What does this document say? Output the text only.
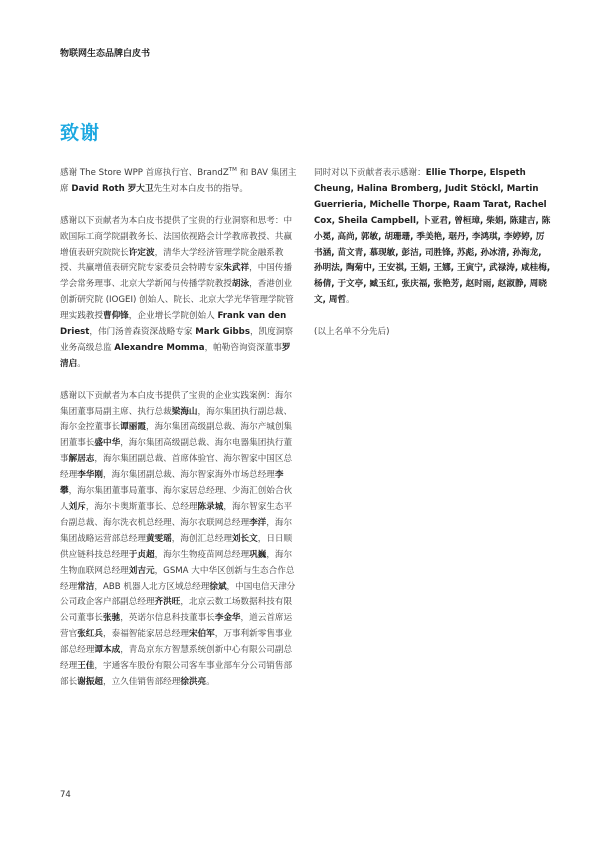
物联网生态品牌白皮书
致谢

感谢 The Store WPP 首席执行官、BrandZ™ 和 BAV 集团主席 David Roth 罗大卫先生对本白皮书的指导。

感谢以下贡献者为本白皮书提供了宝贵的行业洞察和思考：中欧国际工商学院副教务长、法国依视路会计学教席教授、共赢增值表研究院院长许定波，清华大学经济管理学院金融系教授、共赢增值表研究院专家委员会特聘专家朱武祥，中国传播学会常务理事、北京大学新闻与传播学院教授胡泳，香港创业创新研究院 (IOGEI) 创始人、院长、北京大学光华管理学院管理实践教授曹仰锋，企业增长学院创始人 Frank van den Driest，伟门汤普森资深战略专家 Mark Gibbs，凯度洞察业务高级总监 Alexandre Momma，帕勒咨询资深董事罗清启。

感谢以下贡献者为本白皮书提供了宝贵的企业实践案例：海尔集团董事局副主席、执行总裁梁海山，海尔集团执行副总裁、海尔金控董事长谭丽霞，海尔集团高级副总裁、海尔产城创集团董事长盛中华，海尔集团高级副总裁、海尔电器集团执行董事解居志，海尔集团副总裁、首席体验官、海尔智家中国区总经理李华刚，海尔集团副总裁、海尔智家海外市场总经理李攀，海尔集团董事局董事、海尔家居总经理、少海汇创始合伙人刘斥，海尔卡奥斯董事长、总经理陈录城，海尔智家生态平台副总裁、海尔洗衣机总经理、海尔衣联网总经理李洋，海尔集团战略运营部总经理黄雯瑶，海创汇总经理刘长文，日日顺供应链科技总经理于贞超，海尔生物疫苗网总经理巩巍，海尔生物血联网总经理刘吉元，GSMA 大中华区创新与生态合作总经理常洁，ABB 机器人北方区域总经理徐斌，中国电信天津分公司政企客户部副总经理齐洪旺，北京云数工场数据科技有限公司董事长张驰，英诺尔信息科技董事长李金华，道云首席运营官张红兵，泰福智能家居总经理宋伯军，万事利新零售事业部总经理谭本成，青岛京东方智慧系统创新中心有限公司副总经理王佳，宇通客车股份有限公司客车事业部车分公司销售部部长谢振超，立久佳销售部经理徐洪亮。

同时对以下贡献者表示感谢：Ellie Thorpe, Elspeth Cheung, Halina Bromberg, Judit Stöckl, Martin Guerrieria, Michelle Thorpe, Raam Tarat, Rachel Cox, Sheila Campbell, 卜亚君, 曾桓璋, 柴娟, 陈建吉, 陈小冕, 高尚, 郭敏, 胡珊珊, 季美艳, 琚丹, 李鸿琪, 李婷婷, 厉书涵, 苗文青, 慕现敏, 彭洁, 司胜锋, 苏彪, 孙冰清, 孙海龙, 孙明法, 陶菊中, 王安祺, 王娟, 王娜, 王寅宁, 武禄涛, 咸桂梅, 杨倩, 于文亭, 臧玉红, 张庆福, 张艳芳, 赵时雨, 赵淑静, 周晓文, 周哲。

(以上名单不分先后)

74
